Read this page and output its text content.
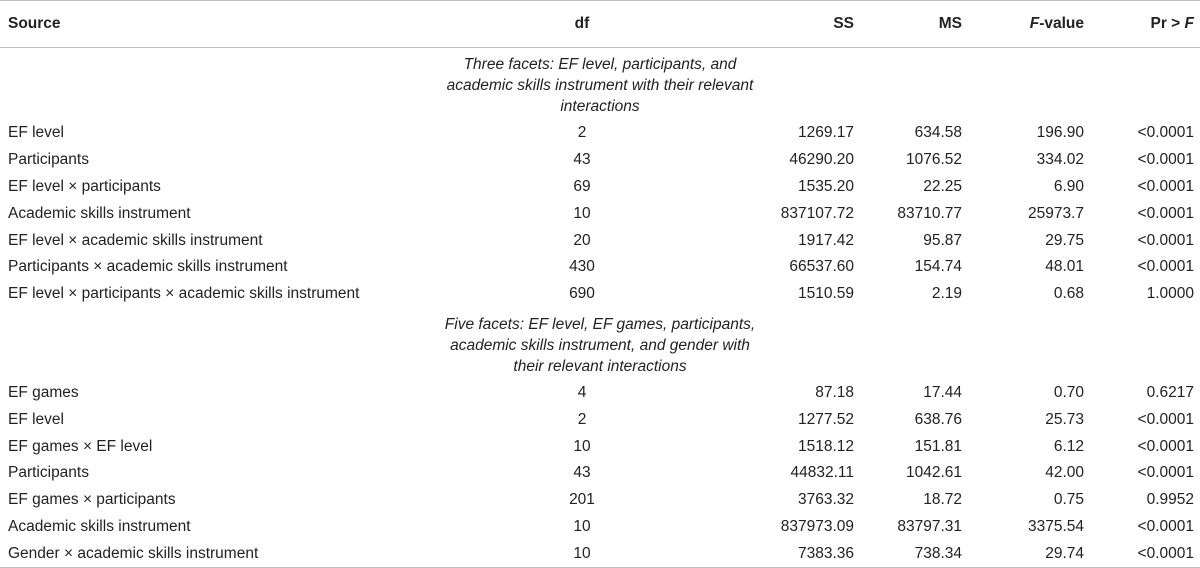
Source	df	SS	MS	F-value	Pr > F
Three facets: EF level, participants, and academic skills instrument with their relevant interactions					
EF level	2	1269.17	634.58	196.90	<0.0001
Participants	43	46290.20	1076.52	334.02	<0.0001
EF level × participants	69	1535.20	22.25	6.90	<0.0001
Academic skills instrument	10	837107.72	83710.77	25973.7	<0.0001
EF level × academic skills instrument	20	1917.42	95.87	29.75	<0.0001
Participants × academic skills instrument	430	66537.60	154.74	48.01	<0.0001
EF level × participants × academic skills instrument	690	1510.59	2.19	0.68	1.0000
Five facets: EF level, EF games, participants, academic skills instrument, and gender with their relevant interactions					
EF games	4	87.18	17.44	0.70	0.6217
EF level	2	1277.52	638.76	25.73	<0.0001
EF games × EF level	10	1518.12	151.81	6.12	<0.0001
Participants	43	44832.11	1042.61	42.00	<0.0001
EF games × participants	201	3763.32	18.72	0.75	0.9952
Academic skills instrument	10	837973.09	83797.31	3375.54	<0.0001
Gender × academic skills instrument	10	7383.36	738.34	29.74	<0.0001
